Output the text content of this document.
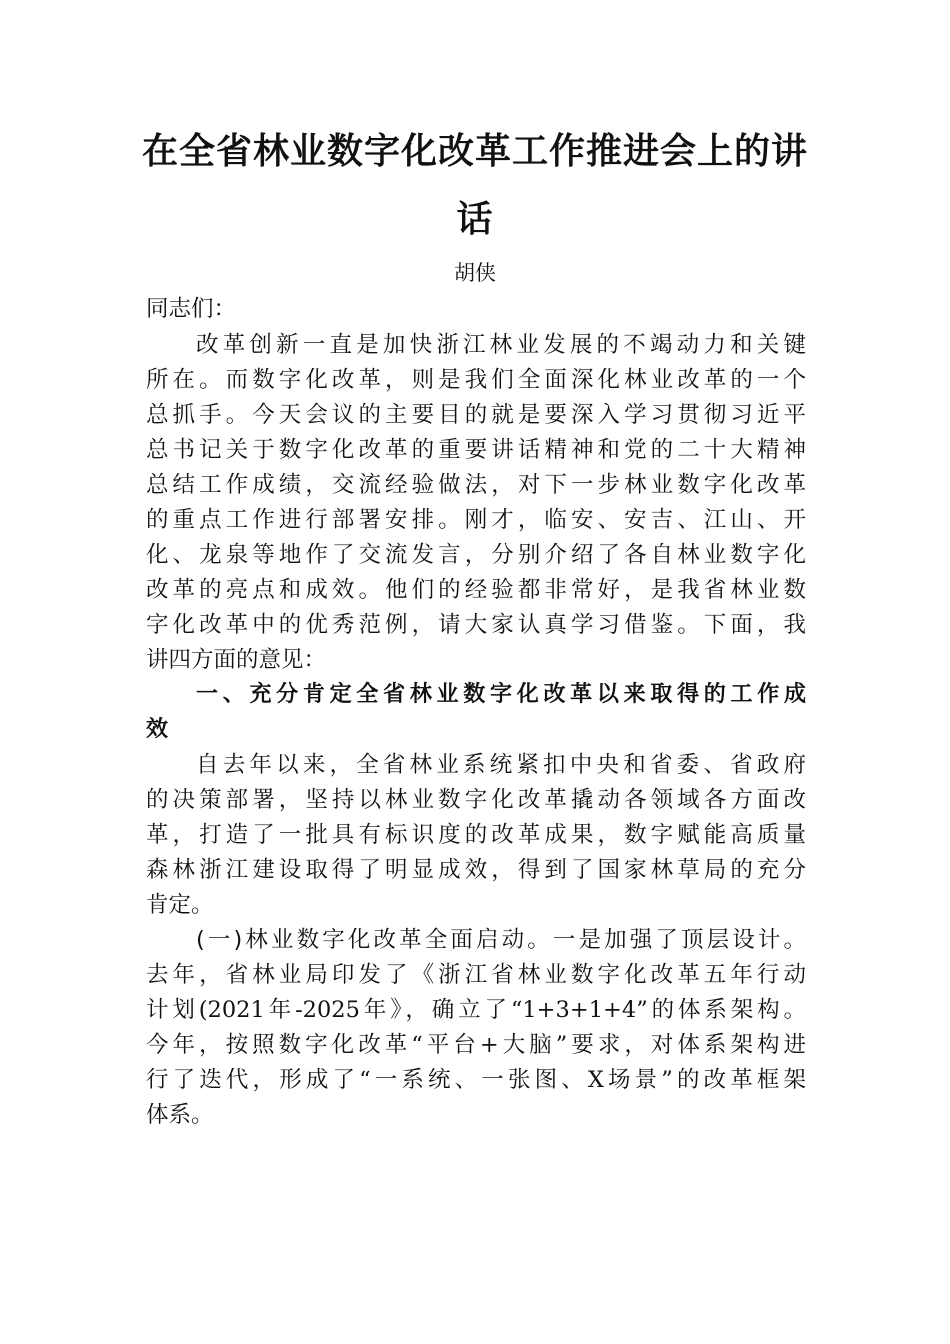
在全省林业数字化改革工作推进会上的讲
话
胡侠
同志们：
改革创新一直是加快浙江林业发展的不竭动力和关键
所在。而数字化改革，则是我们全面深化林业改革的一个
总抓手。今天会议的主要目的就是要深入学习贯彻习近平
总书记关于数字化改革的重要讲话精神和党的二十大精神
总结工作成绩，交流经验做法，对下一步林业数字化改革
的重点工作进行部署安排。刚才，临安、安吉、江山、开
化、龙泉等地作了交流发言，分别介绍了各自林业数字化
改革的亮点和成效。他们的经验都非常好，是我省林业数
字化改革中的优秀范例，请大家认真学习借鉴。下面，我
讲四方面的意见：
一、充分肯定全省林业数字化改革以来取得的工作成
效
自去年以来，全省林业系统紧扣中央和省委、省政府
的决策部署，坚持以林业数字化改革撬动各领域各方面改
革，打造了一批具有标识度的改革成果，数字赋能高质量
森林浙江建设取得了明显成效，得到了国家林草局的充分
肯定。
(一)林业数字化改革全面启动。一是加强了顶层设计。
去年，省林业局印发了《浙江省林业数字化改革五年行动
计划(2021年-2025年》，确立了“1+3+1+4”的体系架构。
今年，按照数字化改革“平台+大脑”要求，对体系架构进
行了迭代，形成了“一系统、一张图、X场景”的改革框架
体系。
